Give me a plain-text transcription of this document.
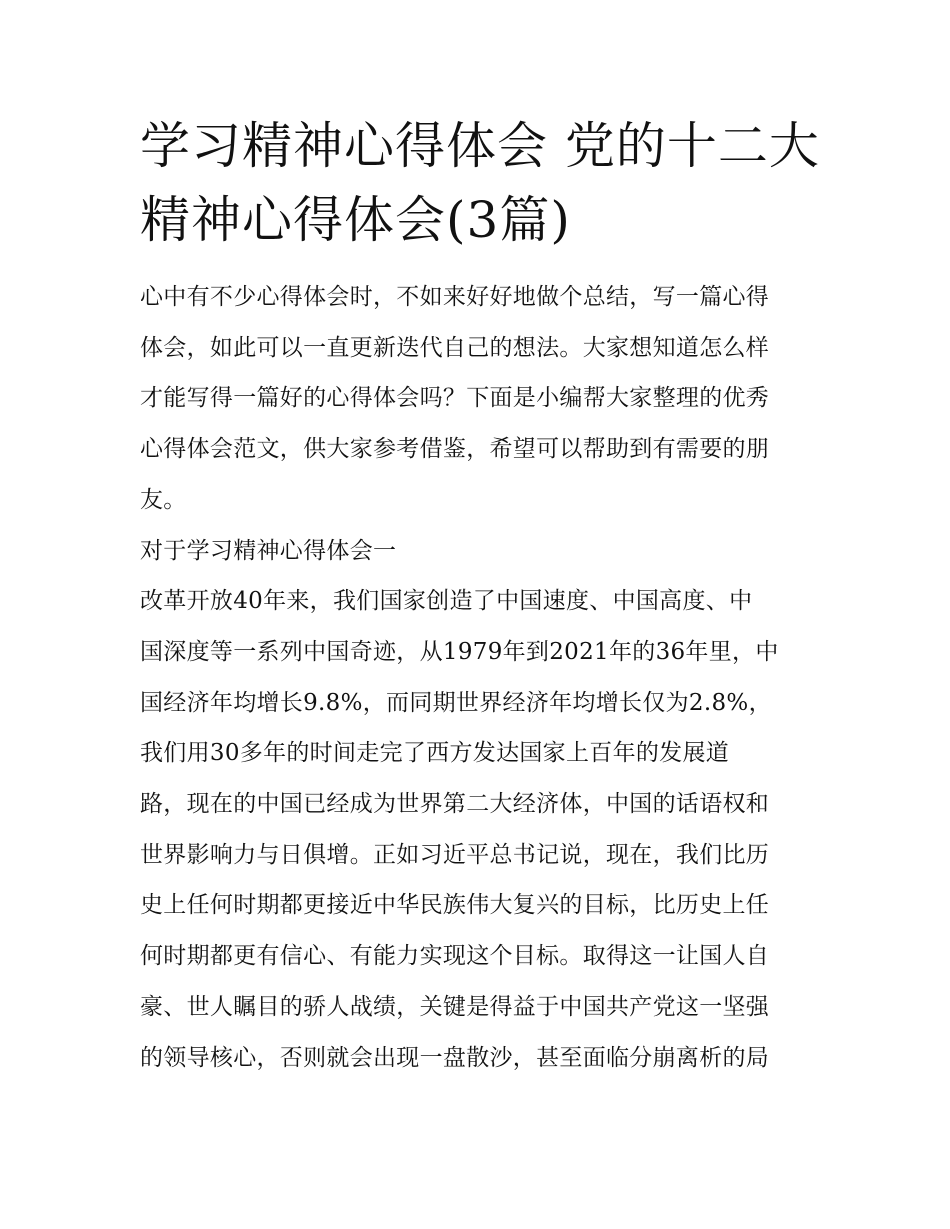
学习精神心得体会 党的十二大
精神心得体会(3篇)

心中有不少心得体会时，不如来好好地做个总结，写一篇心得
体会，如此可以一直更新迭代自己的想法。大家想知道怎么样
才能写得一篇好的心得体会吗？下面是小编帮大家整理的优秀
心得体会范文，供大家参考借鉴，希望可以帮助到有需要的朋
友。

对于学习精神心得体会一

改革开放40年来，我们国家创造了中国速度、中国高度、中
国深度等一系列中国奇迹，从1979年到2021年的36年里，中
国经济年均增长9.8%，而同期世界经济年均增长仅为2.8%，
我们用30多年的时间走完了西方发达国家上百年的发展道
路，现在的中国已经成为世界第二大经济体，中国的话语权和
世界影响力与日俱增。正如习近平总书记说，现在，我们比历
史上任何时期都更接近中华民族伟大复兴的目标，比历史上任
何时期都更有信心、有能力实现这个目标。取得这一让国人自
豪、世人瞩目的骄人战绩，关键是得益于中国共产党这一坚强
的领导核心，否则就会出现一盘散沙，甚至面临分崩离析的局
